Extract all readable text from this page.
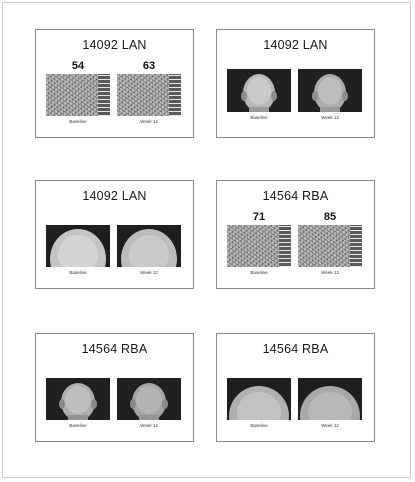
14092 LAN
54	63
Baseline	Week 12
14092 LAN
Baseline	Week 12
14092 LAN
Baseline	Week 12
14564 RBA
71	85
Baseline	Week 12
14564 RBA
Baseline	Week 12
14564 RBA
Baseline	Week 12
